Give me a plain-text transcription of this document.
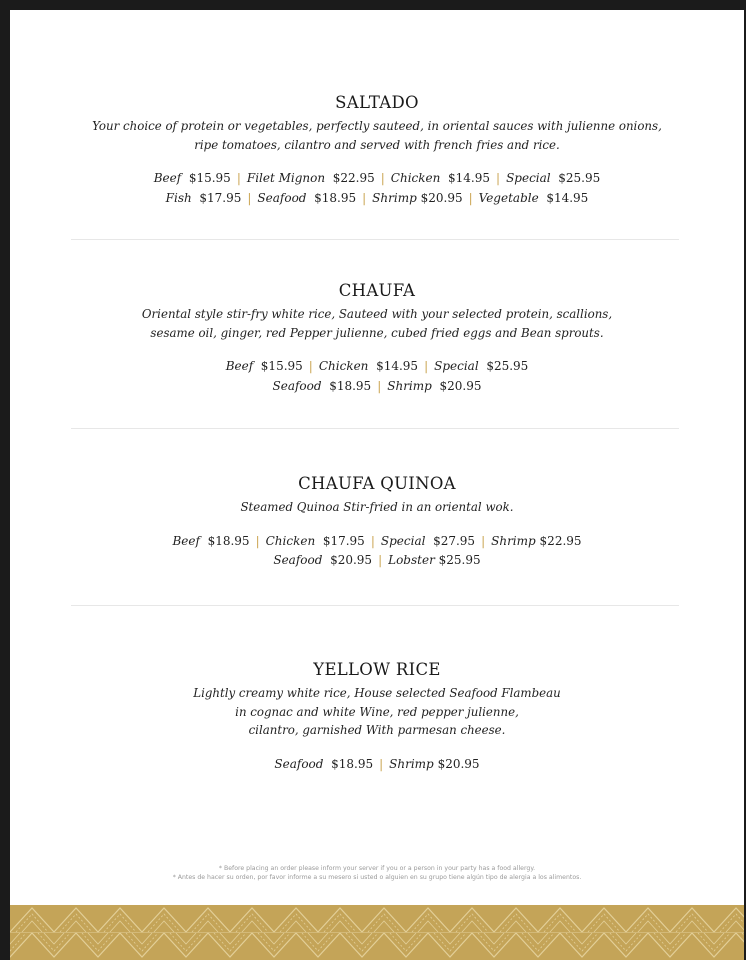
SALTADO
Your choice of protein or vegetables, perfectly sauteed, in oriental sauces with julienne onions,
ripe tomatoes, cilantro and served with french fries and rice.
Beef $15.95 | Filet Mignon $22.95 | Chicken $14.95 | Special $25.95
Fish $17.95 | Seafood $18.95 | Shrimp $20.95 | Vegetable $14.95
CHAUFA
Oriental style stir-fry white rice, Sauteed with your selected protein, scallions,
sesame oil, ginger, red Pepper julienne, cubed fried eggs and Bean sprouts.
Beef $15.95 | Chicken $14.95 | Special $25.95
Seafood $18.95 | Shrimp $20.95
CHAUFA QUINOA
Steamed Quinoa Stir-fried in an oriental wok.
Beef $18.95 | Chicken $17.95 | Special $27.95 | Shrimp $22.95
Seafood $20.95 | Lobster $25.95
YELLOW RICE
Lightly creamy white rice, House selected Seafood Flambeau
in cognac and white Wine, red pepper julienne,
cilantro, garnished With parmesan cheese.
Seafood $18.95 | Shrimp $20.95
* Before placing an order please inform your server if you or a person in your party has a food allergy.
* Antes de hacer su orden, por favor informe a su mesero si usted o alguien en su grupo tiene algún tipo de alergia a los alimentos.
